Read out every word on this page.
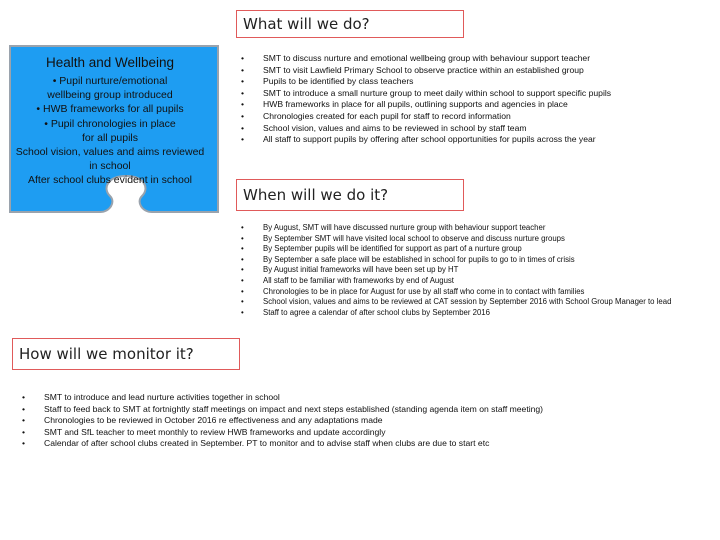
Health and Wellbeing
• Pupil nurture/emotional
wellbeing group introduced
• HWB frameworks for all pupils
• Pupil chronologies in place
for all pupils
School vision, values and aims reviewed
in school
After school clubs evident in school
What will we do?
• SMT to discuss nurture and emotional wellbeing group with behaviour support teacher
• SMT to visit Lawfield Primary School to observe practice within an established group
• Pupils to be identified by class teachers
• SMT to introduce a small nurture group to meet daily within school to support specific pupils
• HWB frameworks in place for all pupils, outlining supports and agencies in place
• Chronologies created for each pupil for staff to record information
• School vision, values and aims to be reviewed in school by staff team
• All staff to support pupils by offering after school opportunities for pupils across the year
When will we do it?
• By August, SMT will have discussed nurture group with behaviour support teacher
• By September SMT will have visited local school to observe and discuss nurture groups
• By September pupils will be identified for support as part of a nurture group
• By September a safe place will be established in school for pupils to go to in times of crisis
• By August initial frameworks will have been set up by HT
• All staff to be familiar with frameworks by end of August
• Chronologies to be in place for August for use by all staff who come in to contact with families
• School vision, values and aims to be reviewed at CAT session by September 2016 with School Group Manager to lead
• Staff to agree a calendar of after school clubs by September 2016
How will we monitor it?
• SMT to introduce and lead nurture activities together in school
• Staff to feed back to SMT at fortnightly staff meetings on impact and next steps established (standing agenda item on staff meeting)
• Chronologies to be reviewed in October 2016 re effectiveness and any adaptations made
• SMT and SfL teacher to meet monthly to review HWB frameworks and update accordingly
• Calendar of after school clubs created in September. PT to monitor and to advise staff when clubs are due to start etc
